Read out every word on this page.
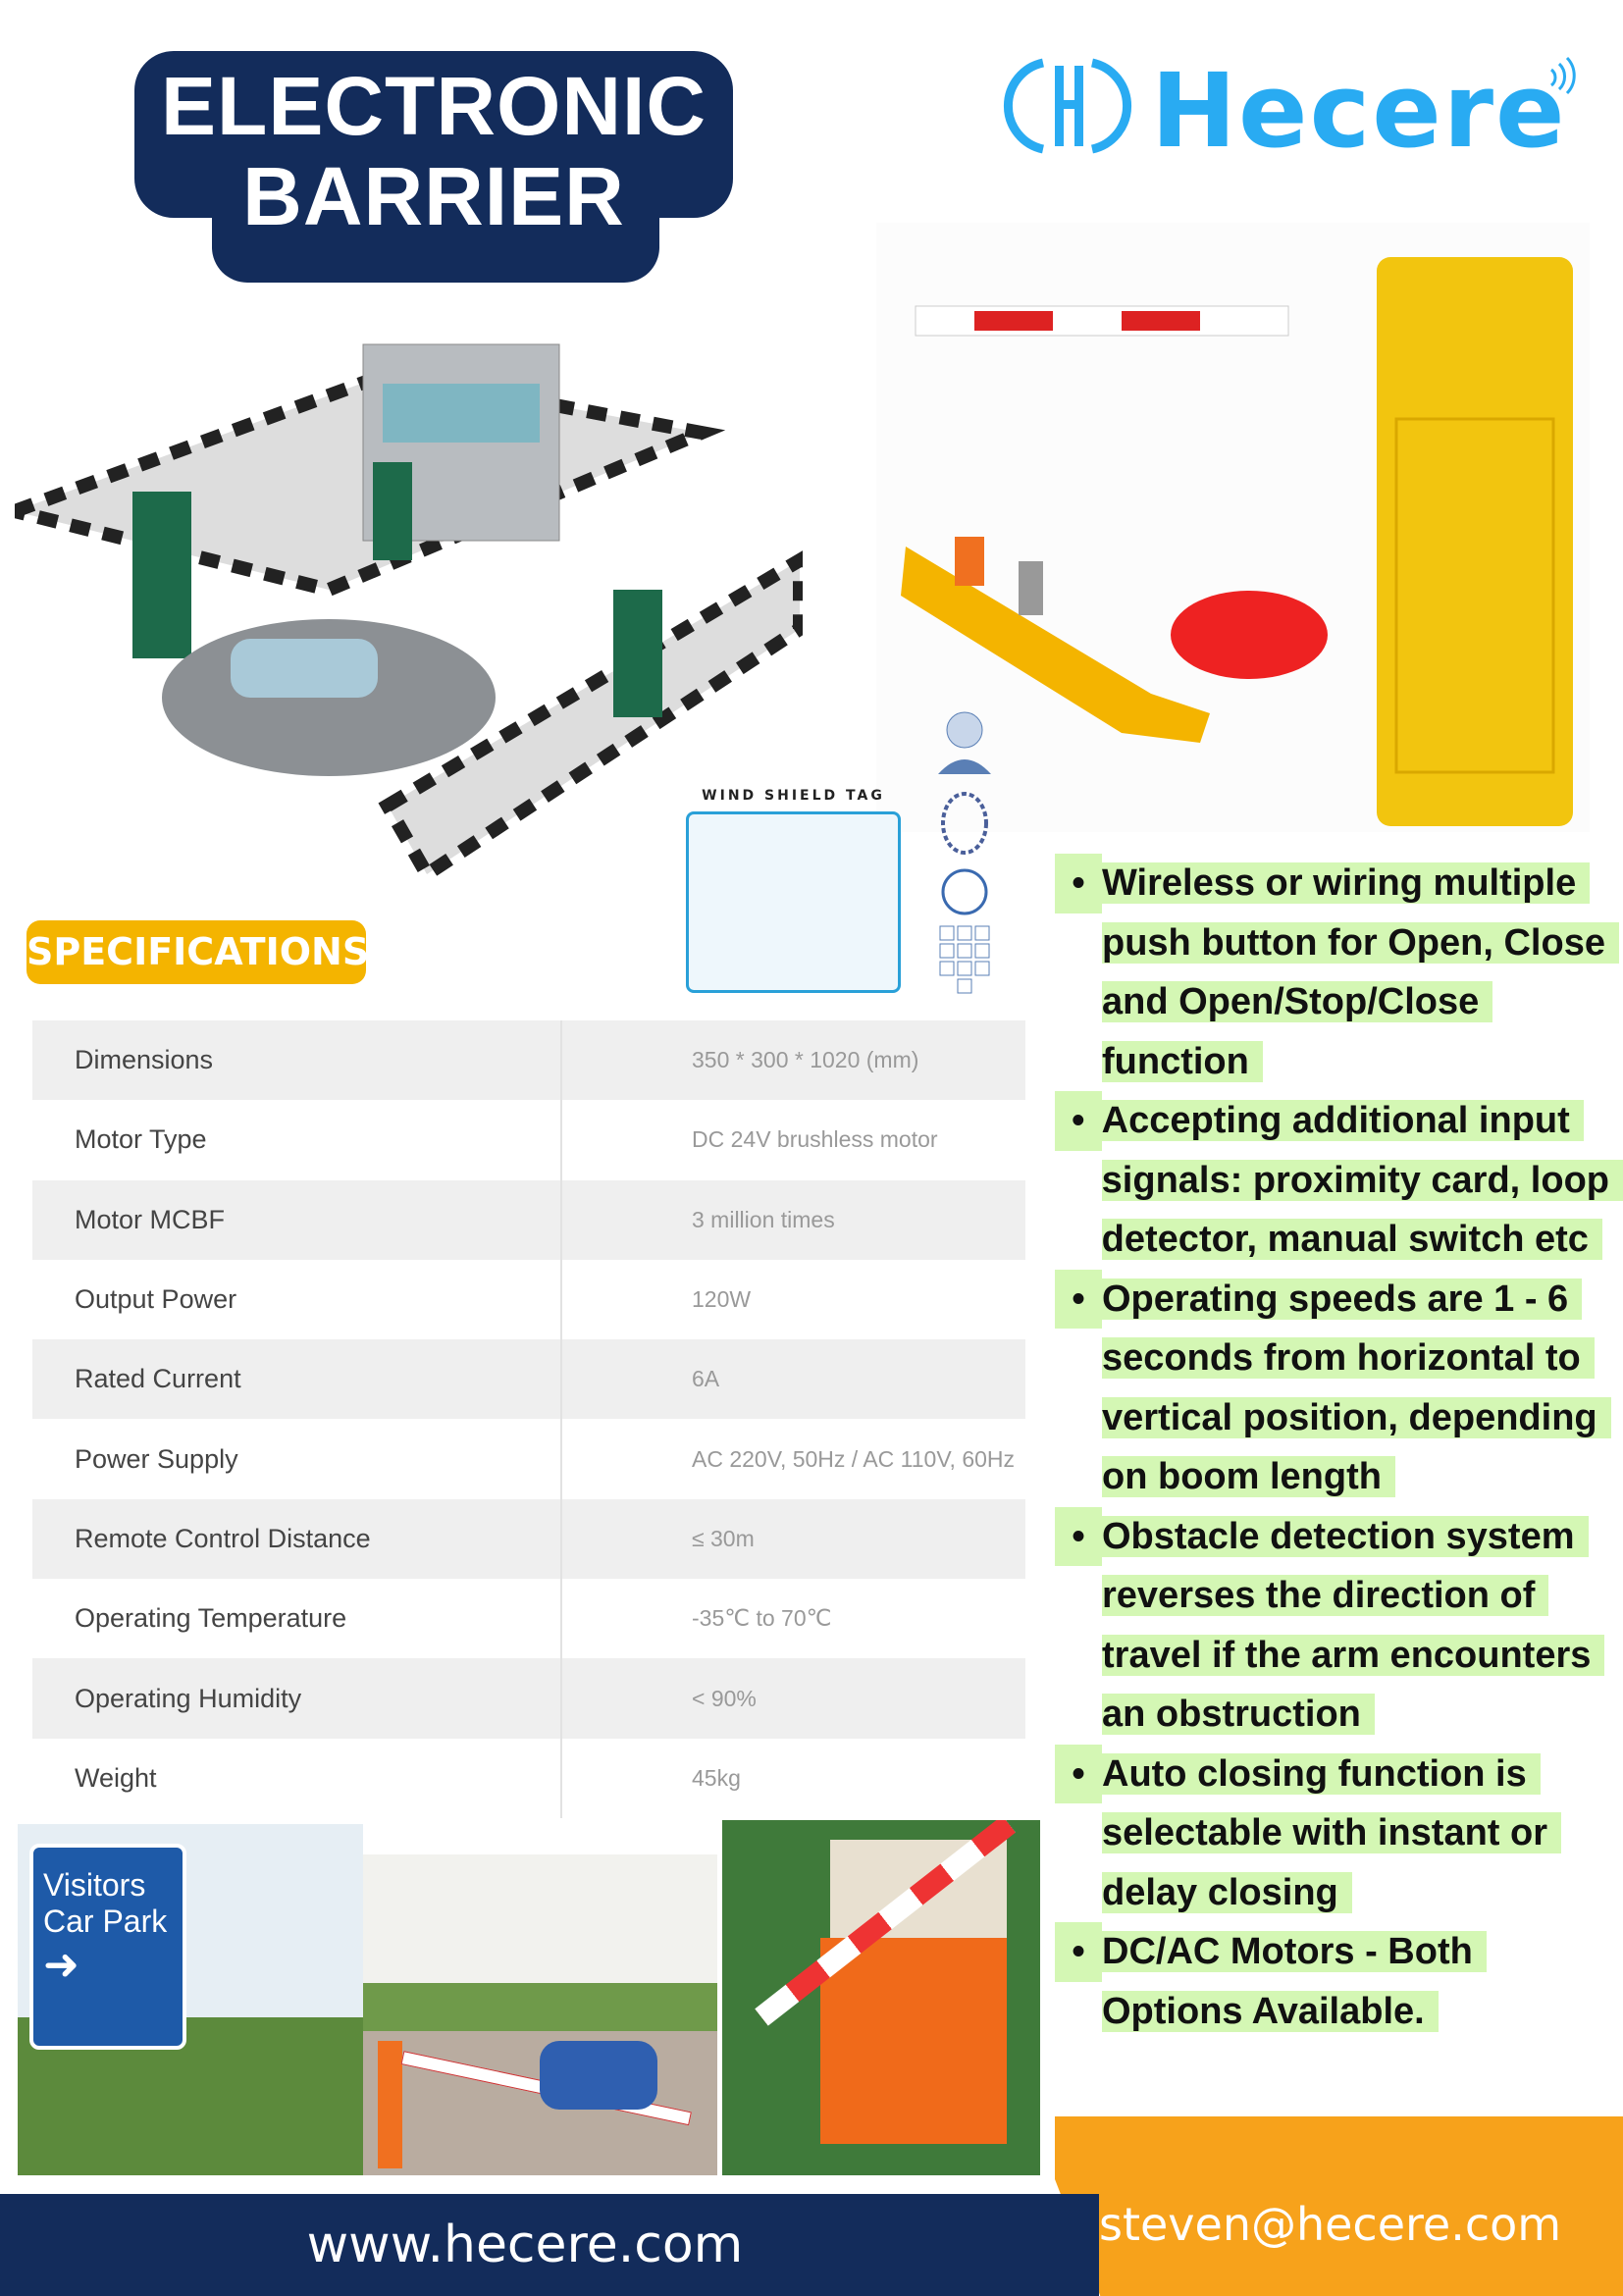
ELECTRONIC
BARRIER
Hecere
WIND SHIELD TAG
SPECIFICATIONS
Dimensions	350 * 300 * 1020 (mm)
Motor Type	DC 24V brushless motor
Motor MCBF	3 million times
Output Power	120W
Rated Current	6A
Power Supply	AC 220V, 50Hz / AC 110V, 60Hz
Remote Control Distance	≤ 30m
Operating Temperature	-35℃ to 70℃
Operating Humidity	< 90%
Weight	45kg
• Wireless or wiring multiple
push button for Open, Close
and Open/Stop/Close
function
• Accepting additional input
signals: proximity card, loop
detector, manual switch etc
• Operating speeds are 1 - 6
seconds from horizontal to
vertical position, depending
on boom length
• Obstacle detection system
reverses the direction of
travel if the arm encounters
an obstruction
• Auto closing function is
selectable with instant or
delay closing
• DC/AC Motors - Both
Options Available.
Visitors
Car Park
➜
www.hecere.com	steven@hecere.com
